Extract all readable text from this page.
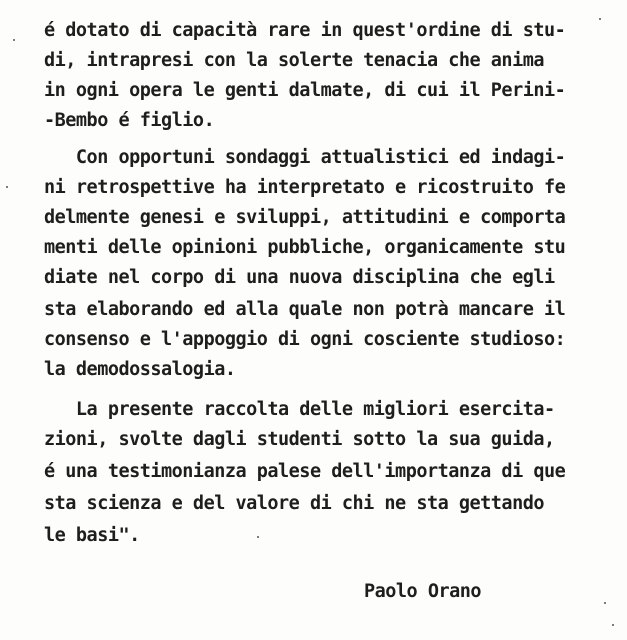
é dotato di capacità rare in quest'ordine di stu-
di, intrapresi con la solerte tenacia che anima
in ogni opera le genti dalmate, di cui il Perini-
-Bembo é figlio.
Con opportuni sondaggi attualistici ed indagi-
ni retrospettive ha interpretato e ricostruito fe
delmente genesi e sviluppi, attitudini e comporta
menti delle opinioni pubbliche, organicamente stu
diate nel corpo di una nuova disciplina che egli
sta elaborando ed alla quale non potrà mancare il
consenso e l'appoggio di ogni cosciente studioso:
la demodossalogia.
La presente raccolta delle migliori esercita-
zioni, svolte dagli studenti sotto la sua guida,
é una testimonianza palese dell'importanza di que
sta scienza e del valore di chi ne sta gettando
le basi".
Paolo Orano
